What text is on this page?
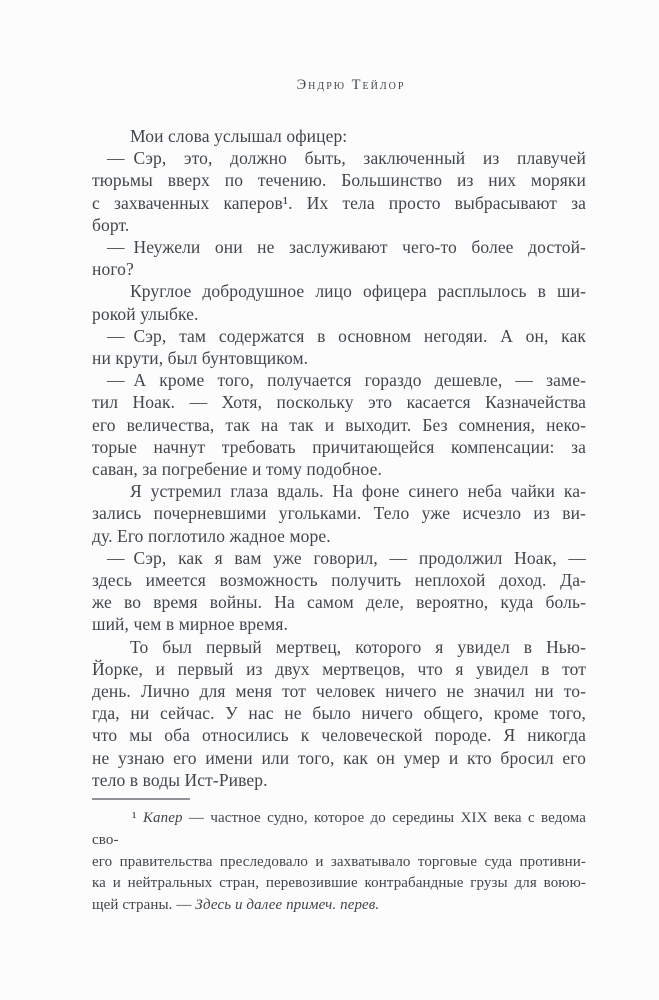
Эндрю Тейлор
Мои слова услышал офицер:
— Сэр, это, должно быть, заключенный из плавучей
тюрьмы вверх по течению. Большинство из них моряки
с захваченных каперов¹. Их тела просто выбрасывают за
борт.
— Неужели они не заслуживают чего-то более достой-
ного?
Круглое добродушное лицо офицера расплылось в ши-
рокой улыбке.
— Сэр, там содержатся в основном негодяи. А он, как
ни крути, был бунтовщиком.
— А кроме того, получается гораздо дешевле, — заме-
тил Ноак. — Хотя, поскольку это касается Казначейства
его величества, так на так и выходит. Без сомнения, неко-
торые начнут требовать причитающейся компенсации: за
саван, за погребение и тому подобное.
Я устремил глаза вдаль. На фоне синего неба чайки ка-
зались почерневшими угольками. Тело уже исчезло из ви-
ду. Его поглотило жадное море.
— Сэр, как я вам уже говорил, — продолжил Ноак, —
здесь имеется возможность получить неплохой доход. Да-
же во время войны. На самом деле, вероятно, куда боль-
ший, чем в мирное время.
То был первый мертвец, которого я увидел в Нью-
Йорке, и первый из двух мертвецов, что я увидел в тот
день. Лично для меня тот человек ничего не значил ни то-
гда, ни сейчас. У нас не было ничего общего, кроме того,
что мы оба относились к человеческой породе. Я никогда
не узнаю его имени или того, как он умер и кто бросил его
тело в воды Ист-Ривер.
¹ Капер — частное судно, которое до середины XIX века с ведома сво-
его правительства преследовало и захватывало торговые суда противни-
ка и нейтральных стран, перевозившие контрабандные грузы для воюю-
щей страны. — Здесь и далее примеч. перев.
